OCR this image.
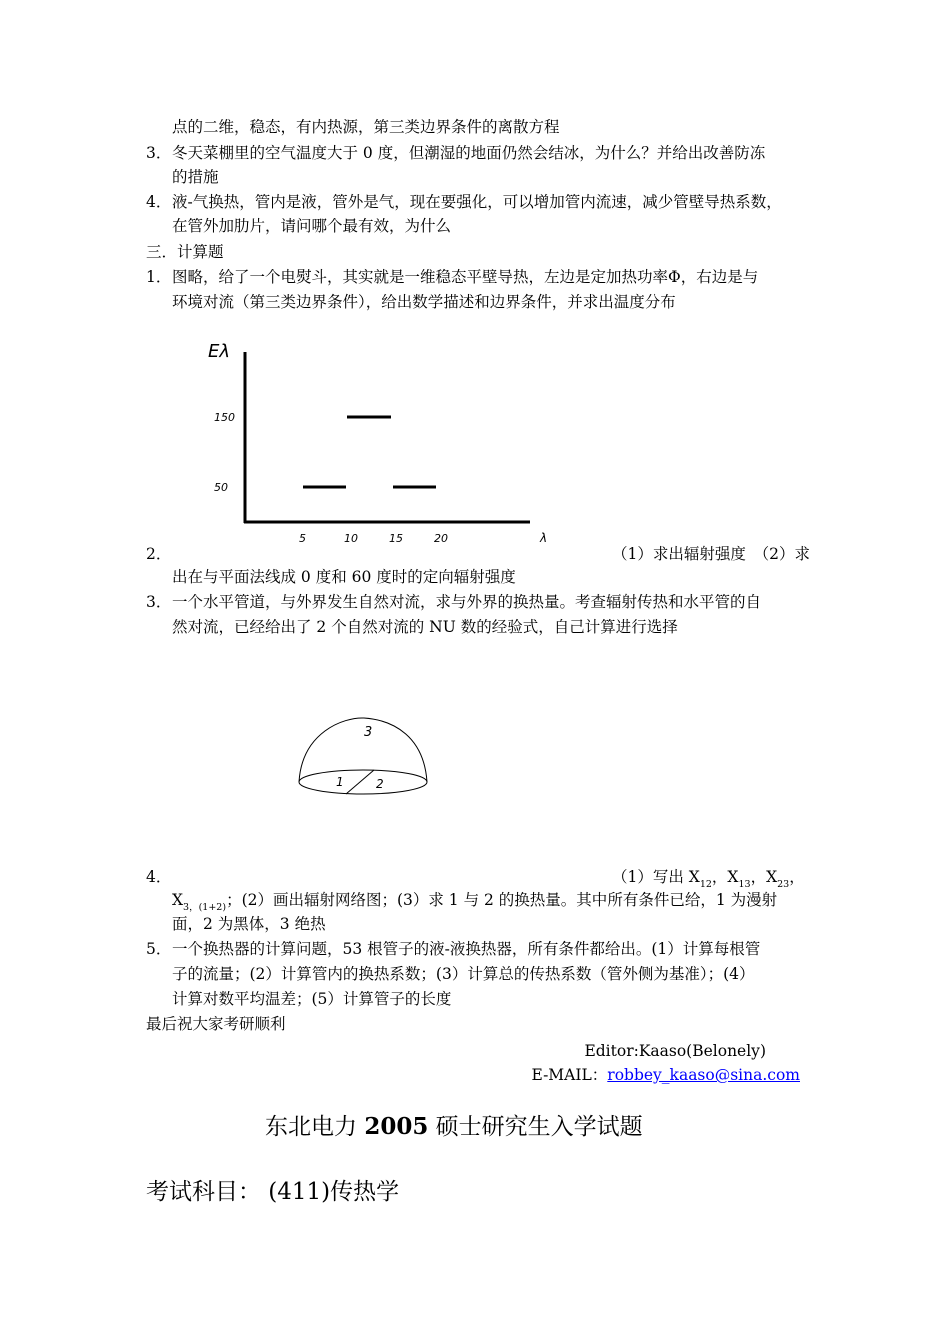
点的二维，稳态，有内热源，第三类边界条件的离散方程
3． 冬天菜棚里的空气温度大于 0 度，但潮湿的地面仍然会结冰，为什么？并给出改善防冻
的措施
4． 液-气换热，管内是液，管外是气，现在要强化，可以增加管内流速，减少管壁导热系数，
在管外加肋片，请问哪个最有效，为什么
三．计算题
1． 图略，给了一个电熨斗，其实就是一维稳态平壁导热，左边是定加热功率Φ，右边是与
环境对流（第三类边界条件），给出数学描述和边界条件，并求出温度分布
Eλ
λ
150
50
5	10	15	20
2．	（1）求出辐射强度　（2）求
出在与平面法线成 0 度和 60 度时的定向辐射强度
3． 一个水平管道，与外界发生自然对流，求与外界的换热量。考查辐射传热和水平管的自
然对流，已经给出了 2 个自然对流的 NU 数的经验式，自己计算进行选择
3
1	2
4．	（1）写出 $X_{12}$，$X_{13}$，$X_{23}$，
$X_{3,(1+2)}$；(2）画出辐射网络图；(3）求 1 与 2 的换热量。其中所有条件已给，1 为漫射
面，2 为黑体，3 绝热
5． 一个换热器的计算问题，53 根管子的液-液换热器，所有条件都给出。(1）计算每根管
子的流量；(2）计算管内的换热系数；(3）计算总的传热系数（管外侧为基准）；(4）
计算对数平均温差；(5）计算管子的长度
最后祝大家考研顺利
Editor:Kaaso(Belonely)
E-MAIL：robbey_kaaso@sina.com
东北电力 2005 硕士研究生入学试题
考试科目： (411)传热学
